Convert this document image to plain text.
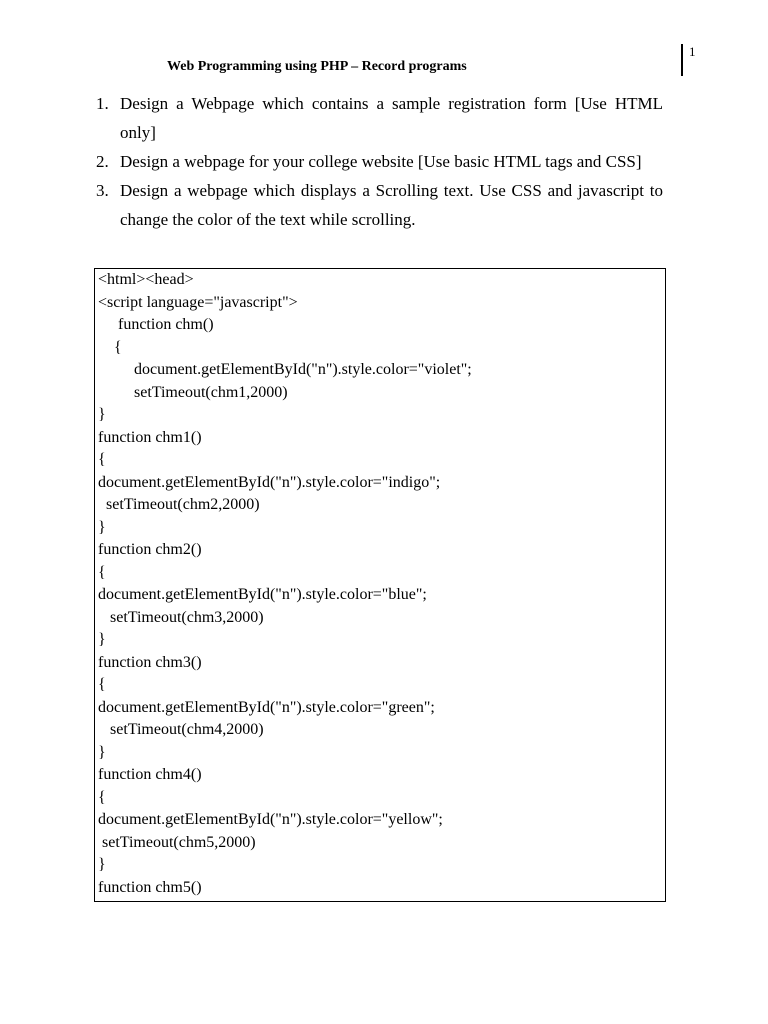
1
Web Programming using PHP – Record programs
1. Design a Webpage which contains a sample registration form [Use HTML only]
2. Design a webpage for your college website [Use basic HTML tags and CSS]
3. Design a webpage which displays a Scrolling text. Use CSS and javascript to change the color of the text while scrolling.
<html><head>
<script language="javascript">
function chm()
{
document.getElementById("n").style.color="violet";
setTimeout(chm1,2000)
}
function chm1()
{
document.getElementById("n").style.color="indigo";
setTimeout(chm2,2000)
}
function chm2()
{
document.getElementById("n").style.color="blue";
setTimeout(chm3,2000)
}
function chm3()
{
document.getElementById("n").style.color="green";
setTimeout(chm4,2000)
}
function chm4()
{
document.getElementById("n").style.color="yellow";
setTimeout(chm5,2000)
}
function chm5()
